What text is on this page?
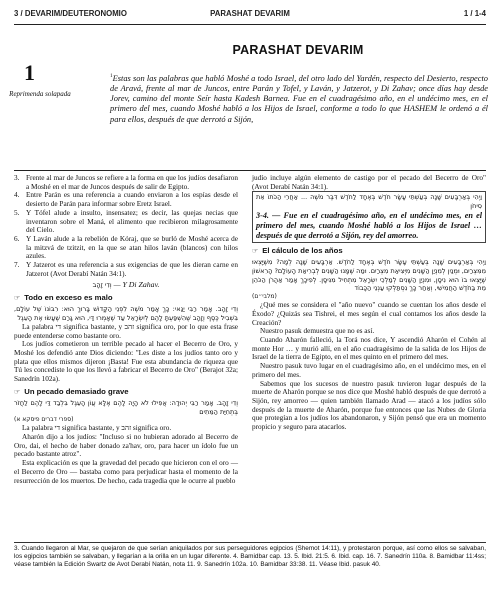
3 / DEVARIM/DEUTERONOMIO	PARASHAT DEVARIM	1 / 1-4
PARASHAT DEVARIM
1
Reprimenda solapada
$^1$Estas son las palabras que habló Moshé a todo Israel, del otro lado del Yardén, respecto del Desierto, respecto de Aravá, frente al mar de Juncos, entre Parán y Tofel, y Laván, y Jatzerot, y Di Zahav; once días hay desde Jorev, camino del monte Seír hasta Kadesh Barnea. Fue en el cuadragésimo año, en el undécimo mes, en el primero del mes, cuando Moshé habló a los Hijos de Israel, conforme a todo lo que HASHEM le ordenó a él para ellos, después de que derrotó a Sijón,
3. Frente al mar de Juncos se refiere a la forma en que los judíos desafiaron a Moshé en el mar de Juncos después de salir de Egipto.
4. Entre Parán es una referencia a cuando enviaron a los espías desde el desierto de Parán para informar sobre Eretz Israel.
5. Y Tófel alude a insulto, insensatez; es decir, las quejas necias que inventaron sobre el Maná, el alimento que recibieron milagrosamente del Cielo.
6. Y Laván alude a la rebelión de Kóraj, que se burló de Moshé acerca de la mitzvá de tzitzit, en la que se atan hilos laván (blancos) con hilos azules.
7. Y Jatzerot es una referencia a sus exigencias de que les dieran carne en Jatzerot (Avot Derabí Natán 34:1).
וְדִי זָהָב — Y Di Zahav.
☞ Todo en exceso es malo
וְדִי זָהָב. אָמַר רַבִּי יַנַּאי: כָּךְ אָמַר מֹשֶׁה לִפְנֵי הַקָּדוֹשׁ בָּרוּךְ הוּא: רִבּוֹנוֹ שֶׁל עוֹלָם, בִּשְׁבִיל כֶּסֶף וְזָהָב שֶׁהִשְׁפַּעְתָּ לָהֶם לְיִשְׂרָאֵל עַד שֶׁאָמְרוּ דַּי, הוּא גָּרַם שֶׁעָשׂוּ אֶת הָעֵגֶל
La palabra די significa bastante, y זהב significa oro, por lo que esta frase puede entenderse como bastante oro.
Los judíos cometieron un terrible pecado al hacer el Becerro de Oro, y Moshé los defendió ante Dios diciendo: "Les diste a los judíos tanto oro y plata que ellos mismos dijeron ¡Basta! Fue esta abundancia de riqueza que Tú les concediste lo que los llevó a fabricar el Becerro de Oro" (Berajot 32a; Sanedrín 102a).
☞ Un pecado demasiado grave
וְדִי זָהָב. אָמַר רַבִּי יְהוּדָה: אֲפִילוּ לֹא הָיָה לָהֶם אֶלָּא עֲוֹן הָעֵגֶל בִּלְבַד דַּי לָהֶם לַחֲזֹר בְּתְחִיַּת הַמֵּתִים
(ספרי דברים פיסקא א)
La palabra די significa bastante, y זהב significa oro.
Aharón dijo a los judíos: "Incluso si no hubieran adorado al Becerro de Oro, dai, el hecho de haber donado za'hav, oro, para hacer un ídolo fue un pecado bastante atroz".
Esta explicación es que la gravedad del pecado que hicieron con el oro — el Becerro de Oro — bastaba como para perjudicar hasta el momento de la resurrección de los muertos. De hecho, cada tragedia que le ocurre al pueblo
judío incluye algún elemento de castigo por el pecado del Becerro de Oro" (Avot Derabí Natán 34:1).
וַיְהִי בְּאַרְבָּעִים שָׁנָה בְּעַשְׁתֵּי עָשָׂר חֹדֶשׁ בְּאֶחָד לַחֹדֶשׁ דִּבֶּר מֹשֶׁה ... אַחֲרֵי הַכֹּתוֹ אֵת סִיחֹן
3-4. — Fue en el cuadragésimo año, en el undécimo mes, en el primero del mes, cuando Moshé habló a los Hijos de Israel … después de que derrotó a Sijón, rey del amorreo.
☞ El cálculo de los años
וַיְהִי בְּאַרְבָּעִים שָׁנָה בְּעַשְׁתֵּי עָשָׂר חֹדֶשׁ בְּאֶחָד לַחֹדֶשׁ. אַרְבָּעִים שָׁנָה לְמָה? מִשֶּׁיָּצְאוּ מִמִּצְרַיִם, וּמְנַיִן לְמִנְיַן הַשָּׁנִים מִיְּצִיאַת מִצְרַיִם. וּמַה שֶּׁמָּנוּ הַשָּׁנִים לְבְרִיאַת הָעוֹלָם? הָרִאשׁוֹן שֶׁיָּצְאוּ בוֹ הוּא נִיסָן, וּמִנְיַן הַשָּׁנִים לְמַלְכֵי יִשְׂרָאֵל מִתְחִיל מִנִּיסָן. לְפִיכָךְ אָמַר אַהֲרֹן הַכֹּהֵן מֵת בַּחֹדֶשׁ הַחֲמִישִׁי, וְאַחַר כָּךְ נִסְתַּלְּקוּ עַנְנֵי הַכָּבוֹד
(מלבי״ם)
¿Qué mes se considera el "año nuevo" cuando se cuentan los años desde el Éxodo? ¿Quizás sea Tishrei, el mes según el cual contamos los años desde la Creación?
Nuestro pasuk demuestra que no es así.
Cuando Aharón falleció, la Torá nos dice, Y ascendió Aharón el Cohén al monte Hor … y murió allí, en el año cuadragésimo de la salida de los Hijos de Israel de la tierra de Egipto, en el mes quinto en el primero del mes.
Nuestro pasuk tuvo lugar en el cuadragésimo año, en el undécimo mes, en el primero del mes.
Sabemos que los sucesos de nuestro pasuk tuvieron lugar después de la muerte de Aharón porque se nos dice que Moshé habló después de que derrotó a Sijón, rey amorreo — quien también llamado Arad — atacó a los judíos sólo después de la muerte de Aharón, porque fue entonces que las Nubes de Gloria que protegían a los judíos los abandonaron, y Sijón pensó que era un momento propicio y seguro para atacarlos.
3. Cuando llegaron al Mar, se quejaron de que serían aniquilados por sus perseguidores egipcios (Shemot 14:11), y protestaron porque, así como ellos se salvaban, los egipcios también se salvaban, y llegarían a la orilla en un lugar diferente. 4. Bamidbar cap. 13. 5. Ibid. 21:5. 6. Ibid. cap. 16. 7. Sanedrín 110a. 8. Bamidbar 11:4ss; véase también la Edición Swartz de Avot Derabí Natán, nota 11. 9. Sanedrín 102a. 10. Bamidbar 33:38. 11. Véase Ibid. pasuk 40.
